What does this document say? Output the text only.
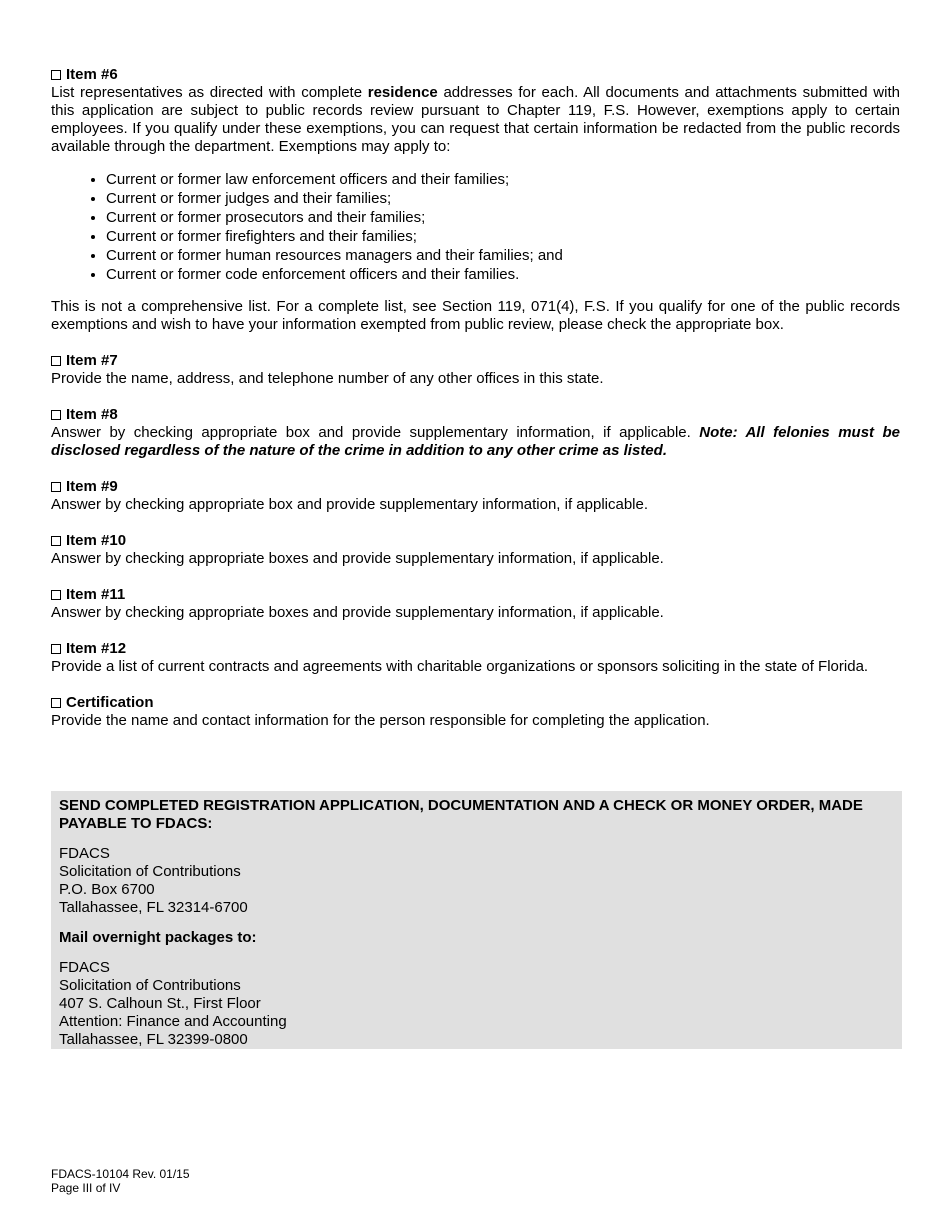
Item #6
List representatives as directed with complete residence addresses for each. All documents and attachments submitted with this application are subject to public records review pursuant to Chapter 119, F.S. However, exemptions apply to certain employees. If you qualify under these exemptions, you can request that certain information be redacted from the public records available through the department. Exemptions may apply to:
• Current or former law enforcement officers and their families;
• Current or former judges and their families;
• Current or former prosecutors and their families;
• Current or former firefighters and their families;
• Current or former human resources managers and their families; and
• Current or former code enforcement officers and their families.
This is not a comprehensive list. For a complete list, see Section 119, 071(4), F.S. If you qualify for one of the public records exemptions and wish to have your information exempted from public review, please check the appropriate box.
Item #7
Provide the name, address, and telephone number of any other offices in this state.
Item #8
Answer by checking appropriate box and provide supplementary information, if applicable. Note: All felonies must be disclosed regardless of the nature of the crime in addition to any other crime as listed.
Item #9
Answer by checking appropriate box and provide supplementary information, if applicable.
Item #10
Answer by checking appropriate boxes and provide supplementary information, if applicable.
Item #11
Answer by checking appropriate boxes and provide supplementary information, if applicable.
Item #12
Provide a list of current contracts and agreements with charitable organizations or sponsors soliciting in the state of Florida.
Certification
Provide the name and contact information for the person responsible for completing the application.
SEND COMPLETED REGISTRATION APPLICATION, DOCUMENTATION AND A CHECK OR MONEY ORDER, MADE PAYABLE TO FDACS:
FDACS
Solicitation of Contributions
P.O. Box 6700
Tallahassee, FL 32314-6700
Mail overnight packages to:
FDACS
Solicitation of Contributions
407 S. Calhoun St., First Floor
Attention: Finance and Accounting
Tallahassee, FL 32399-0800
FDACS-10104 Rev. 01/15
Page III of IV
